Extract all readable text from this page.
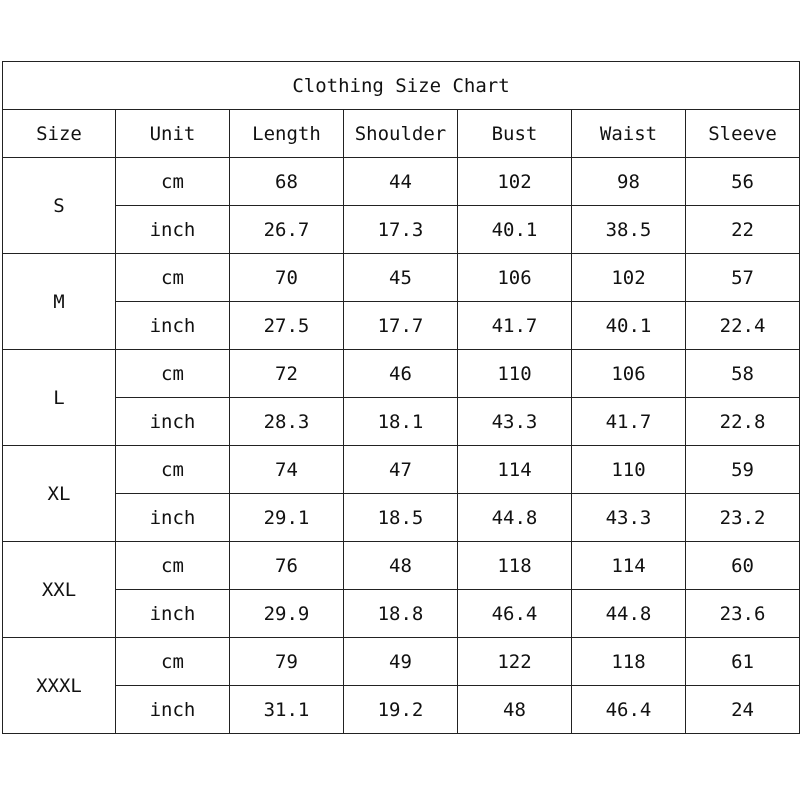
Clothing Size Chart						
Size	Unit	Length	Shoulder	Bust	Waist	Sleeve
S	cm	68	44	102	98	56
	inch	26.7	17.3	40.1	38.5	22
M	cm	70	45	106	102	57
	inch	27.5	17.7	41.7	40.1	22.4
L	cm	72	46	110	106	58
	inch	28.3	18.1	43.3	41.7	22.8
XL	cm	74	47	114	110	59
	inch	29.1	18.5	44.8	43.3	23.2
XXL	cm	76	48	118	114	60
	inch	29.9	18.8	46.4	44.8	23.6
XXXL	cm	79	49	122	118	61
	inch	31.1	19.2	48	46.4	24
